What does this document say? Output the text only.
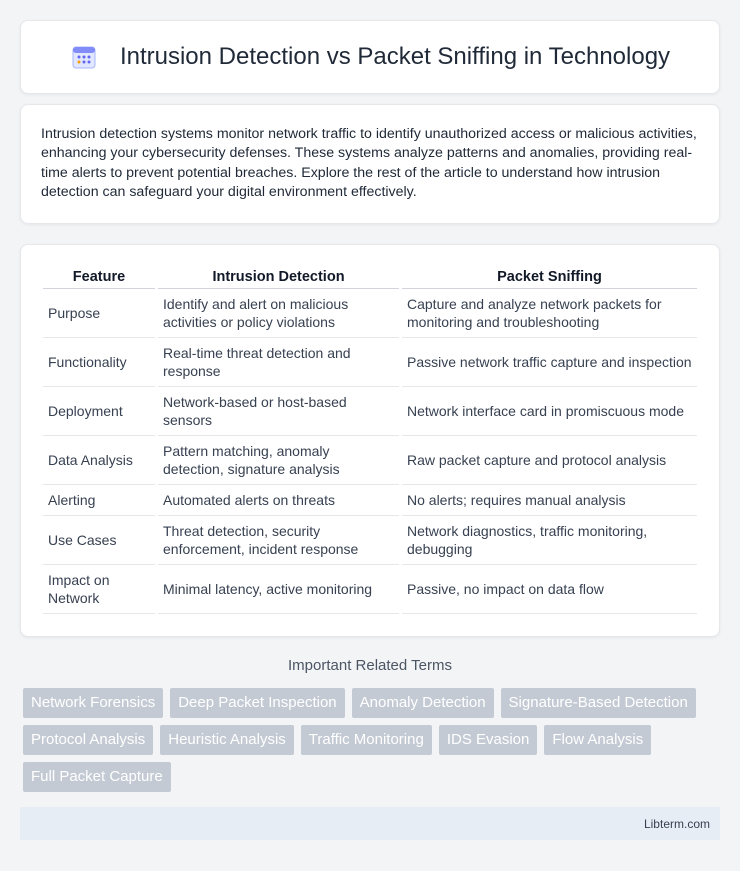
Intrusion Detection vs Packet Sniffing in Technology

Intrusion detection systems monitor network traffic to identify unauthorized access or malicious activities, enhancing your cybersecurity defenses. These systems analyze patterns and anomalies, providing real-time alerts to prevent potential breaches. Explore the rest of the article to understand how intrusion detection can safeguard your digital environment effectively.

Feature	Intrusion Detection	Packet Sniffing
Purpose	Identify and alert on malicious activities or policy violations	Capture and analyze network packets for monitoring and troubleshooting
Functionality	Real-time threat detection and response	Passive network traffic capture and inspection
Deployment	Network-based or host-based sensors	Network interface card in promiscuous mode
Data Analysis	Pattern matching, anomaly detection, signature analysis	Raw packet capture and protocol analysis
Alerting	Automated alerts on threats	No alerts; requires manual analysis
Use Cases	Threat detection, security enforcement, incident response	Network diagnostics, traffic monitoring, debugging
Impact on Network	Minimal latency, active monitoring	Passive, no impact on data flow
Important Related Terms
Network Forensics	Deep Packet Inspection	Anomaly Detection	Signature-Based Detection
Protocol Analysis	Heuristic Analysis	Traffic Monitoring	IDS Evasion	Flow Analysis
Full Packet Capture
Libterm.com
